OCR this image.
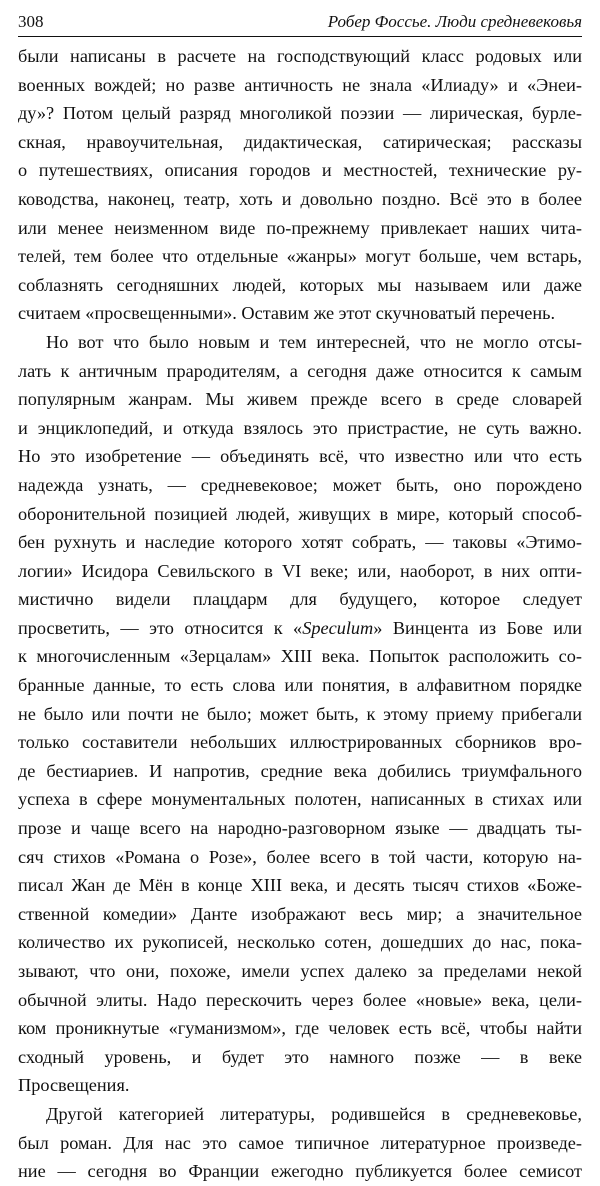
308	Робер Фоссье. Люди средневековья
были написаны в расчете на господствующий класс родовых или
военных вождей; но разве античность не знала «Илиаду» и «Энеи-
ду»? Потом целый разряд многоликой поэзии — лирическая, бурле-
скная, нравоучительная, дидактическая, сатирическая; рассказы
о путешествиях, описания городов и местностей, технические ру-
ководства, наконец, театр, хоть и довольно поздно. Всё это в более
или менее неизменном виде по-прежнему привлекает наших чита-
телей, тем более что отдельные «жанры» могут больше, чем встарь,
соблазнять сегодняшних людей, которых мы называем или даже
считаем «просвещенными». Оставим же этот скучноватый перечень.
Но вот что было новым и тем интересней, что не могло отсы-
лать к античным прародителям, а сегодня даже относится к самым
популярным жанрам. Мы живем прежде всего в среде словарей
и энциклопедий, и откуда взялось это пристрастие, не суть важно.
Но это изобретение — объединять всё, что известно или что есть
надежда узнать, — средневековое; может быть, оно порождено
оборонительной позицией людей, живущих в мире, который способ-
бен рухнуть и наследие которого хотят собрать, — таковы «Этимо-
логии» Исидора Севильского в VI веке; или, наоборот, в них опти-
мистично видели плацдарм для будущего, которое следует
просветить, — это относится к «Speculum» Винцента из Бове или
к многочисленным «Зерцалам» XIII века. Попыток расположить со-
бранные данные, то есть слова или понятия, в алфавитном порядке
не было или почти не было; может быть, к этому приему прибегали
только составители небольших иллюстрированных сборников вро-
де бестиариев. И напротив, средние века добились триумфального
успеха в сфере монументальных полотен, написанных в стихах или
прозе и чаще всего на народно-разговорном языке — двадцать ты-
сяч стихов «Романа о Розе», более всего в той части, которую на-
писал Жан де Мён в конце XIII века, и десять тысяч стихов «Боже-
ственной комедии» Данте изображают весь мир; а значительное
количество их рукописей, несколько сотен, дошедших до нас, пока-
зывают, что они, похоже, имели успех далеко за пределами некой
обычной элиты. Надо перескочить через более «новые» века, цели-
ком проникнутые «гуманизмом», где человек есть всё, чтобы найти
сходный уровень, и будет это намного позже — в веке
Просвещения.
Другой категорией литературы, родившейся в средневековье,
был роман. Для нас это самое типичное литературное произведе-
ние — сегодня во Франции ежегодно публикуется более семисот
